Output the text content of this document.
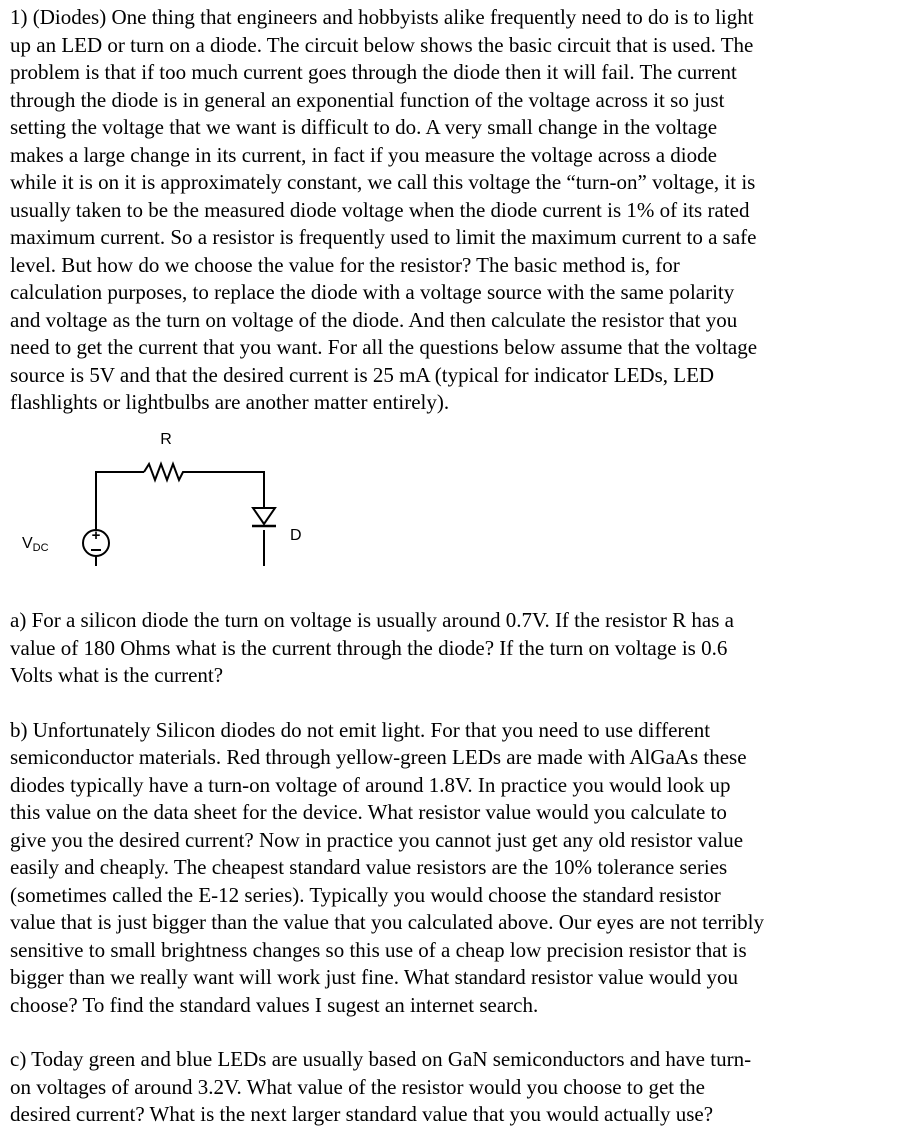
1) (Diodes) One thing that engineers and hobbyists alike frequently need to do is to light
up an LED or turn on a diode. The circuit below shows the basic circuit that is used. The
problem is that if too much current goes through the diode then it will fail. The current
through the diode is in general an exponential function of the voltage across it so just
setting the voltage that we want is difficult to do. A very small change in the voltage
makes a large change in its current, in fact if you measure the voltage across a diode
while it is on it is approximately constant, we call this voltage the “turn-on” voltage, it is
usually taken to be the measured diode voltage when the diode current is 1% of its rated
maximum current. So a resistor is frequently used to limit the maximum current to a safe
level. But how do we choose the value for the resistor? The basic method is, for
calculation purposes, to replace the diode with a voltage source with the same polarity
and voltage as the turn on voltage of the diode. And then calculate the resistor that you
need to get the current that you want. For all the questions below assume that the voltage
source is 5V and that the desired current is 25 mA (typical for indicator LEDs, LED
flashlights or lightbulbs are another matter entirely).
R
+
VDC
D
a) For a silicon diode the turn on voltage is usually around 0.7V. If the resistor R has a
value of 180 Ohms what is the current through the diode? If the turn on voltage is 0.6
Volts what is the current?
b) Unfortunately Silicon diodes do not emit light. For that you need to use different
semiconductor materials. Red through yellow-green LEDs are made with AlGaAs these
diodes typically have a turn-on voltage of around 1.8V. In practice you would look up
this value on the data sheet for the device. What resistor value would you calculate to
give you the desired current? Now in practice you cannot just get any old resistor value
easily and cheaply. The cheapest standard value resistors are the 10% tolerance series
(sometimes called the E-12 series). Typically you would choose the standard resistor
value that is just bigger than the value that you calculated above. Our eyes are not terribly
sensitive to small brightness changes so this use of a cheap low precision resistor that is
bigger than we really want will work just fine. What standard resistor value would you
choose? To find the standard values I sugest an internet search.
c) Today green and blue LEDs are usually based on GaN semiconductors and have turn-
on voltages of around 3.2V. What value of the resistor would you choose to get the
desired current? What is the next larger standard value that you would actually use?
